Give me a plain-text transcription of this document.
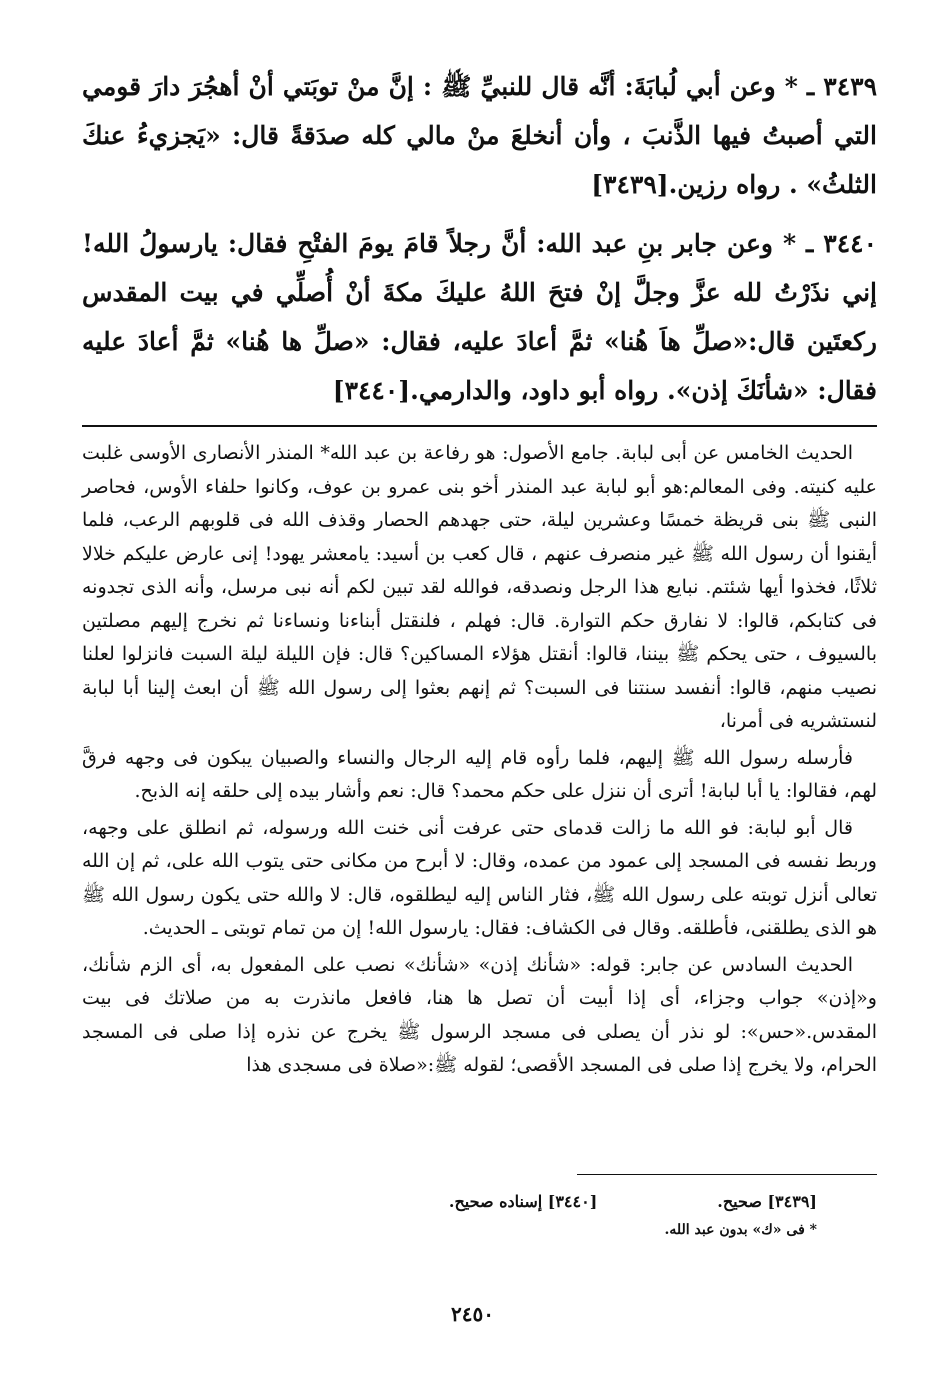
٣٤٣٩ ـ * وعن أبي لُبابَةَ: أنَّه قال للنبيِّ ﷺ : إنَّ منْ توبَتي أنْ أهجُرَ دارَ قومي التي أصبتُ فيها الذَّنبَ ، وأن أنخلعَ منْ مالي كله صدَقةً قال: «يَجزيءُ عنكَ الثلثُ» . رواه رزين.[٣٤٣٩]

٣٤٤٠ ـ * وعن جابر بنِ عبد الله: أنَّ رجلاً قامَ يومَ الفتْحِ فقال: يارسولُ الله! إني نذَرْتُ لله عزَّ وجلَّ إنْ فتحَ اللهُ عليكَ مكةَ أنْ أُصلِّي في بيت المقدس ركعتَين قال:«صلِّ هاَ هُنا» ثمَّ أعادَ عليه، فقال: «صلِّ ها هُنا» ثمَّ أعادَ عليه فقال: «شأنَكَ إذن». رواه أبو داود، والدارمي.[٣٤٤٠]

الحديث الخامس عن أبى لبابة. جامع الأصول: هو رفاعة بن عبد الله* المنذر الأنصارى الأوسى غلبت عليه كنيته. وفى المعالم:هو أبو لبابة عبد المنذر أخو بنى عمرو بن عوف، وكانوا حلفاء الأوس، فحاصر النبى ﷺ بنى قريظة خمسًا وعشرين ليلة، حتى جهدهم الحصار وقذف الله فى قلوبهم الرعب، فلما أيقنوا أن رسول الله ﷺ غير منصرف عنهم ، قال كعب بن أسيد: يامعشر يهود! إنى عارض عليكم خلالا ثلاثًا، فخذوا أيها شئتم. نبايع هذا الرجل ونصدقه، فوالله لقد تبين لكم أنه نبى مرسل، وأنه الذى تجدونه فى كتابكم، قالوا: لا نفارق حكم التوارة. قال: فهلم ، فلنقتل أبناءنا ونساءنا ثم نخرج إليهم مصلتين بالسيوف ، حتى يحكم ﷺ بيننا، قالوا: أنقتل هؤلاء المساكين؟ قال: فإن الليلة ليلة السبت فانزلوا لعلنا نصيب منهم، قالوا: أنفسد سنتنا فى السبت؟ ثم إنهم بعثوا إلى رسول الله ﷺ أن ابعث إلينا أبا لبابة لنستشريه فى أمرنا،

فأرسله رسول الله ﷺ إليهم، فلما رأوه قام إليه الرجال والنساء والصبيان يبكون فى وجهه فرقَّ لهم، فقالوا: يا أبا لبابة! أترى أن ننزل على حكم محمد؟ قال: نعم وأشار بيده إلى حلقه إنه الذبح.

قال أبو لبابة: فو الله ما زالت قدماى حتى عرفت أنى خنت الله ورسوله، ثم انطلق على وجهه، وربط نفسه فى المسجد إلى عمود من عمده، وقال: لا أبرح من مكانى حتى يتوب الله على، ثم إن الله تعالى أنزل توبته على رسول الله ﷺ، فثار الناس إليه ليطلقوه، قال: لا والله حتى يكون رسول الله ﷺ هو الذى يطلقنى، فأطلقه. وقال فى الكشاف: فقال: يارسول الله! إن من تمام توبتى ـ الحديث.

الحديث السادس عن جابر: قوله: «شأنك إذن» «شأنك» نصب على المفعول به، أى الزم شأنك، و«إذن» جواب وجزاء، أى إذا أبيت أن تصل ها هنا، فافعل مانذرت به من صلاتك فى بيت المقدس.«حس»: لو نذر أن يصلى فى مسجد الرسول ﷺ يخرج عن نذره إذا صلى فى المسجد الحرام، ولا يخرج إذا صلى فى المسجد الأقصى؛ لقوله ﷺ:«صلاة فى مسجدى هذا

[٣٤٣٩] صحيح.
[٣٤٤٠] إسناده صحيح.
* فى «ك» بدون عبد الله.
٢٤٥٠
